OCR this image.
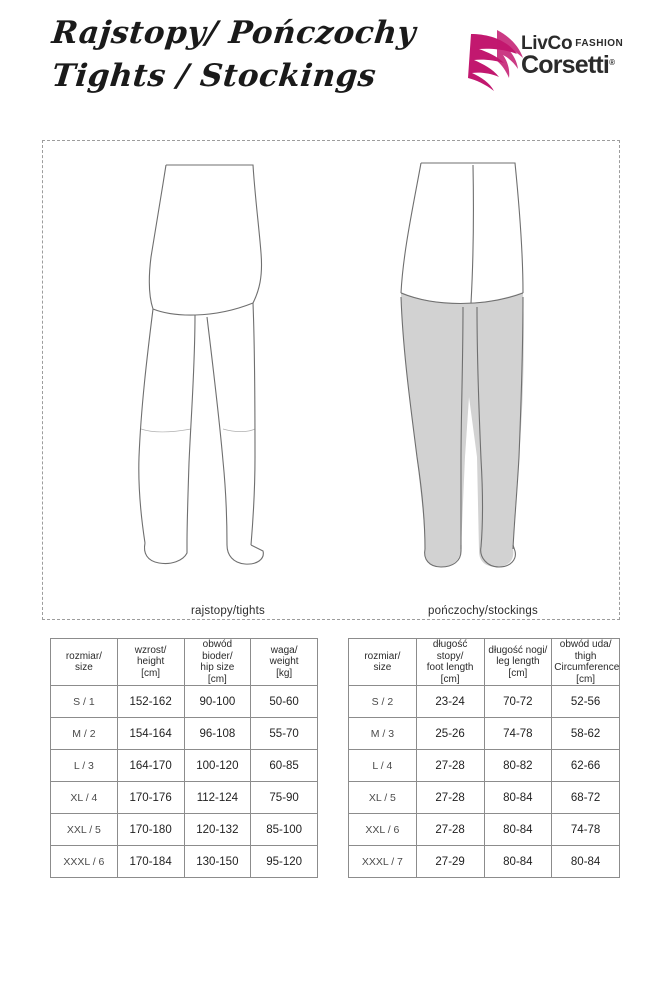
Rajstopy/ Pończochy
Tights / Stockings
LivCo FASHION
Corsetti®
rajstopy/tights	pończochy/stockings
rozmiar/
size	wzrost/
height
[cm]	obwód bioder/
hip size
[cm]	waga/
weight
[kg]

S / 1	152-162	90-100	50-60
M / 2	154-164	96-108	55-70
L / 3	164-170	100-120	60-85
XL / 4	170-176	112-124	75-90
XXL / 5	170-180	120-132	85-100
XXXL / 6	170-184	130-150	95-120
rozmiar/
size	długość stopy/
foot length
[cm]	długość nogi/
leg length
[cm]	obwód uda/
thigh
Circumference
[cm]

S / 2	23-24	70-72	52-56
M / 3	25-26	74-78	58-62
L / 4	27-28	80-82	62-66
XL / 5	27-28	80-84	68-72
XXL / 6	27-28	80-84	74-78
XXXL / 7	27-29	80-84	80-84
